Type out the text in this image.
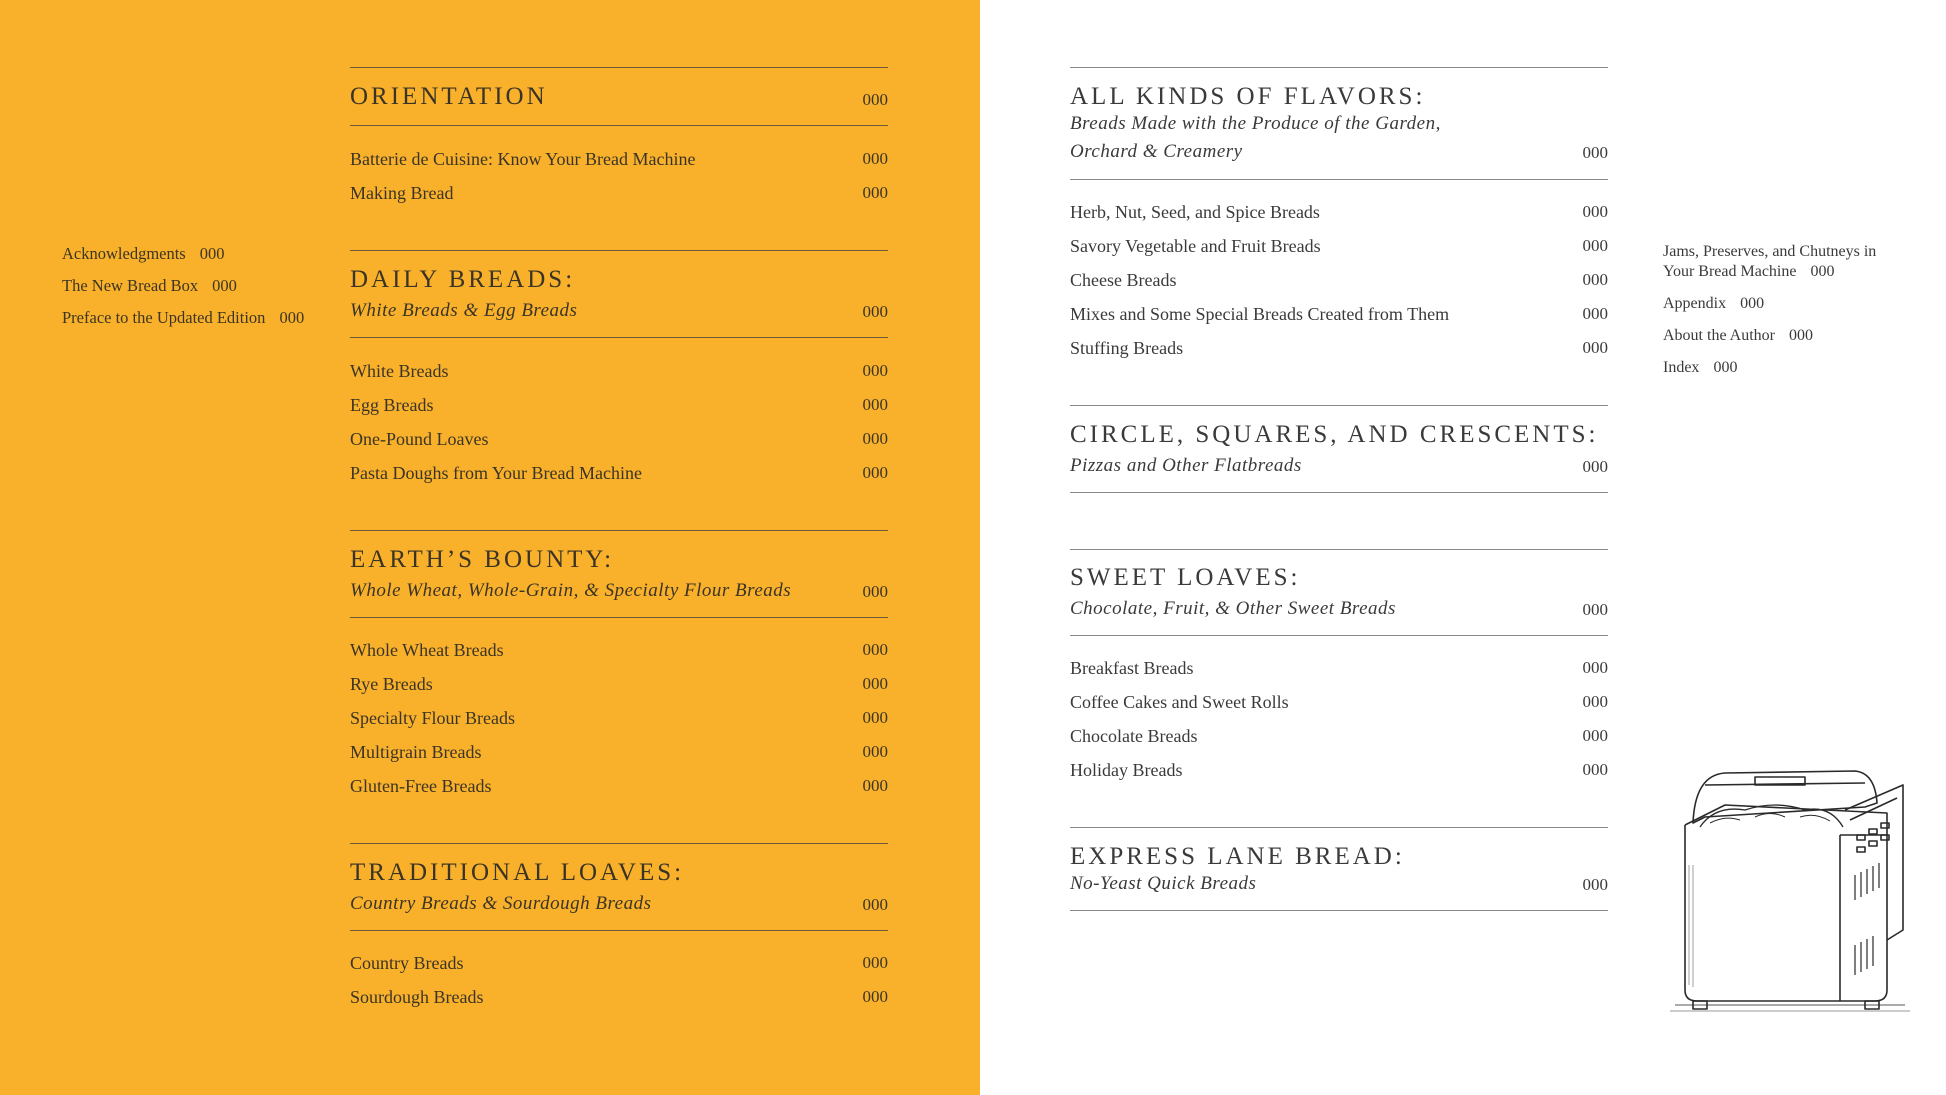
Acknowledgments 000
The New Bread Box 000
Preface to the Updated Edition 000
ORIENTATION	000
Batterie de Cuisine: Know Your Bread Machine	000
Making Bread	000
DAILY BREADS:
White Breads & Egg Breads	000
White Breads	000
Egg Breads	000
One-Pound Loaves	000
Pasta Doughs from Your Bread Machine	000
EARTH’S BOUNTY:
Whole Wheat, Whole-Grain, & Specialty Flour Breads	000
Whole Wheat Breads	000
Rye Breads	000
Specialty Flour Breads	000
Multigrain Breads	000
Gluten-Free Breads	000
TRADITIONAL LOAVES:
Country Breads & Sourdough Breads	000
Country Breads	000
Sourdough Breads	000
ALL KINDS OF FLAVORS:
Breads Made with the Produce of the Garden,
Orchard & Creamery	000
Herb, Nut, Seed, and Spice Breads	000
Savory Vegetable and Fruit Breads	000
Cheese Breads	000
Mixes and Some Special Breads Created from Them	000
Stuffing Breads	000
CIRCLE, SQUARES, AND CRESCENTS:
Pizzas and Other Flatbreads	000
SWEET LOAVES:
Chocolate, Fruit, & Other Sweet Breads	000
Breakfast Breads	000
Coffee Cakes and Sweet Rolls	000
Chocolate Breads	000
Holiday Breads	000
EXPRESS LANE BREAD:
No-Yeast Quick Breads	000
Jams, Preserves, and Chutneys in
Your Bread Machine 000
Appendix 000
About the Author 000
Index 000
